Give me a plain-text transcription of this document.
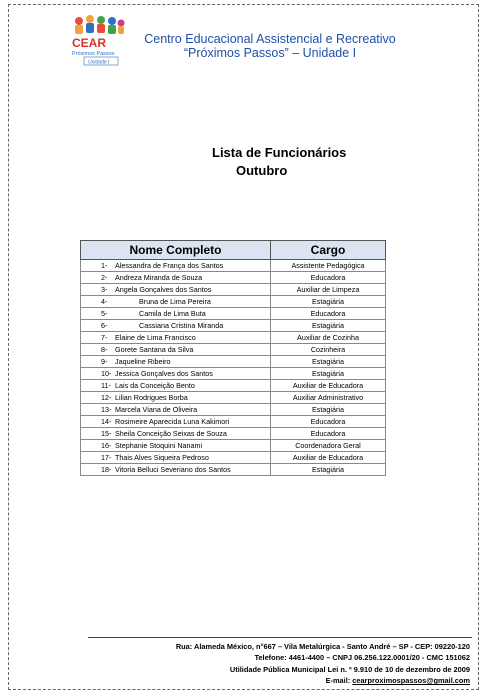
CEAR
Próximos Passos
Unidade I
Centro Educacional Assistencial e Recreativo
“Próximos Passos” – Unidade I
Lista de Funcionários
Outubro
Nome Completo	Cargo
1- Alessandra de França dos Santos	Assistente Pedagógica
2- Andreza Miranda de Souza	Educadora
3- Angela Gonçalves dos Santos	Auxiliar de Limpeza
4- Bruna de Lima Pereira	Estagiária
5- Camila de Lima Buta	Educadora
6- Cassiana Cristina Miranda	Estagiária
7- Elaine de Lima Francisco	Auxiliar de Cozinha
8- Gorete Santana da Silva	Cozinheira
9- Jaqueline Ribeiro	Estagiária
10- Jessica Gonçalves dos Santos	Estagiária
11- Lais da Conceição Bento	Auxiliar de Educadora
12- Lilian Rodrigues Borba	Auxiliar Administrativo
13- Marcela Viana de Oliveira	Estagiária
14- Rosimeire Aparecida Luna Kakimori	Educadora
15- Sheila Conceição Seixas de Souza	Educadora
16- Stephanie Stoquini Nanami	Coordenadora Geral
17- Thais Alves Siqueira Pedroso	Auxiliar de Educadora
18- Vitoria Belluci Severiano dos Santos	Estagiária
Rua: Alameda México, n°667 – Vila Metalúrgica - Santo André – SP - CEP: 09220-120
Telefone: 4461-4400 – CNPJ 06.256.122.0001/20 - CMC 151062
Utilidade Pública Municipal Lei n. º 9.910 de 10 de dezembro de 2009
E-mail: cearproximospassos@gmail.com
